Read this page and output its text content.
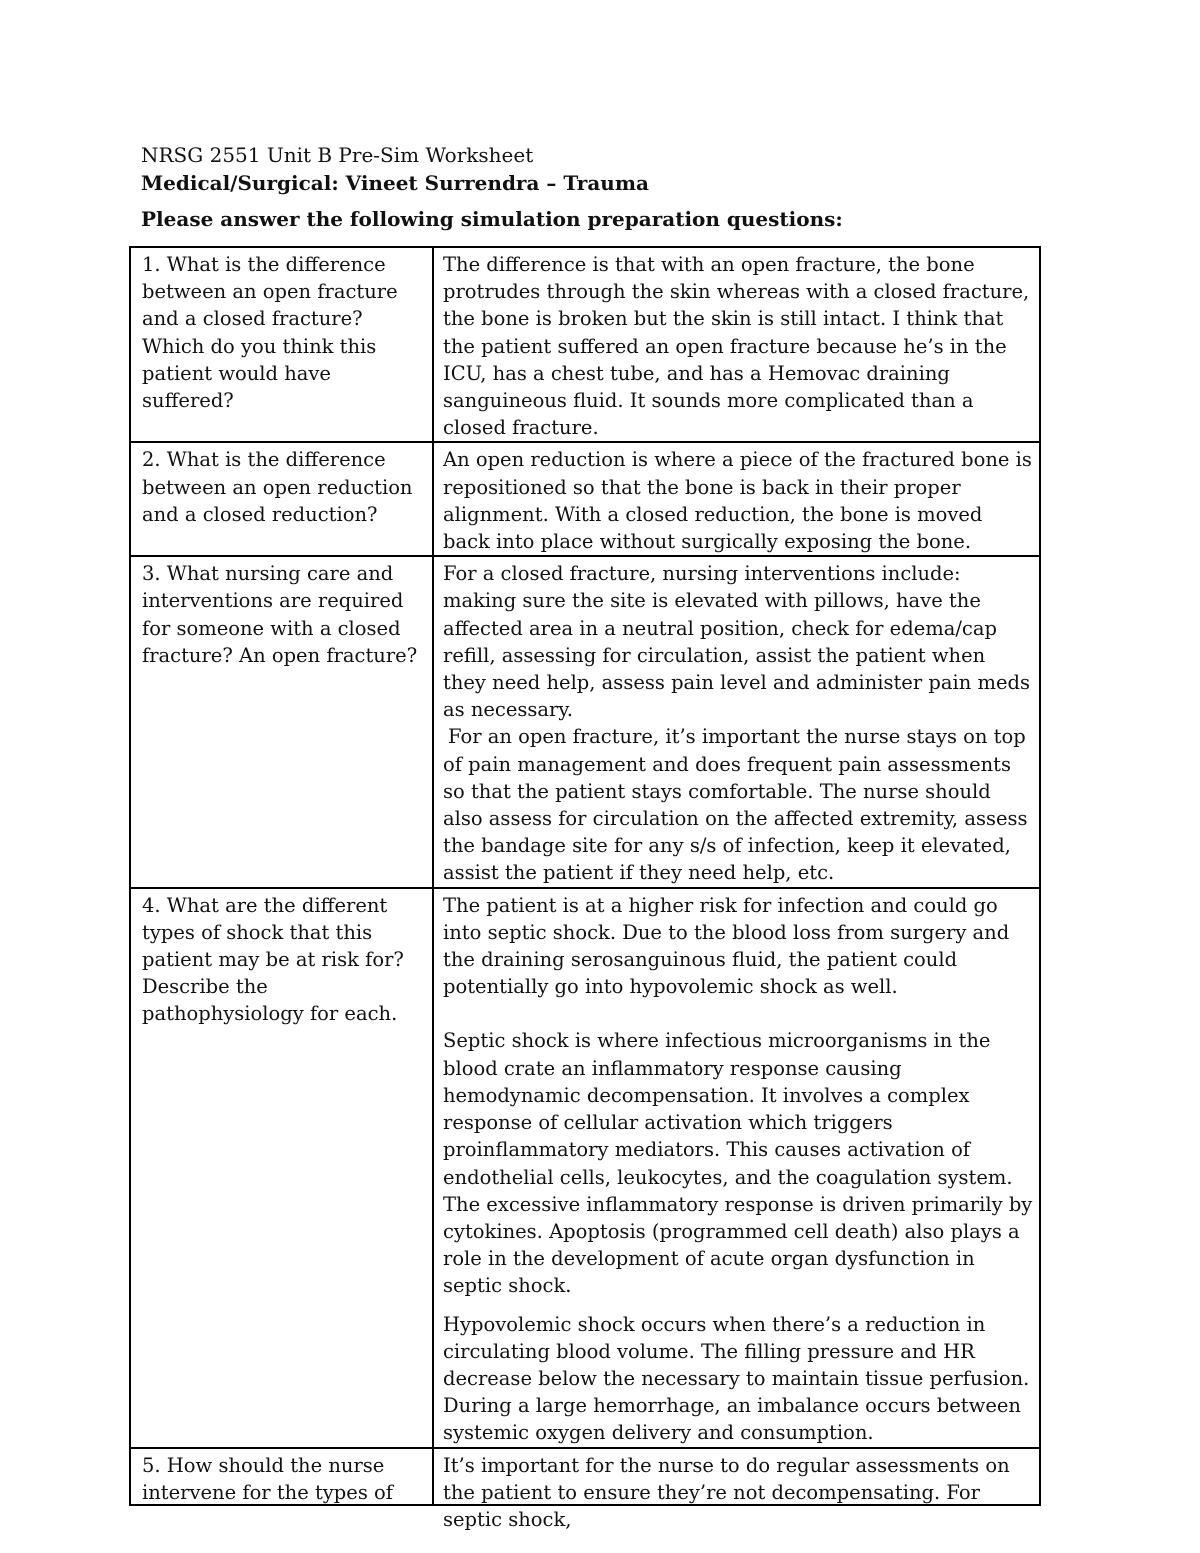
NRSG 2551 Unit B Pre-Sim Worksheet
Medical/Surgical: Vineet Surrendra – Trauma
Please answer the following simulation preparation questions:
1. What is the difference between an open fracture and a closed fracture? Which do you think this patient would have suffered?	The difference is that with an open fracture, the bone protrudes through the skin whereas with a closed fracture, the bone is broken but the skin is still intact. I think that the patient suffered an open fracture because he’s in the ICU, has a chest tube, and has a Hemovac draining sanguineous fluid. It sounds more complicated than a closed fracture.

2. What is the difference between an open reduction and a closed reduction?	An open reduction is where a piece of the fractured bone is repositioned so that the bone is back in their proper alignment. With a closed reduction, the bone is moved back into place without surgically exposing the bone.

3. What nursing care and interventions are required for someone with a closed fracture? An open fracture?	For a closed fracture, nursing interventions include: making sure the site is elevated with pillows, have the affected area in a neutral position, check for edema/cap refill, assessing for circulation, assist the patient when they need help, assess pain level and administer pain meds as necessary.

For an open fracture, it’s important the nurse stays on top of pain management and does frequent pain assessments so that the patient stays comfortable. The nurse should also assess for circulation on the affected extremity, assess the bandage site for any s/s of infection, keep it elevated, assist the patient if they need help, etc.

4. What are the different types of shock that this patient may be at risk for? Describe the pathophysiology for each.	The patient is at a higher risk for infection and could go into septic shock. Due to the blood loss from surgery and the draining serosanguinous fluid, the patient could potentially go into hypovolemic shock as well.

Septic shock is where infectious microorganisms in the blood crate an inflammatory response causing hemodynamic decompensation. It involves a complex response of cellular activation which triggers proinflammatory mediators. This causes activation of endothelial cells, leukocytes, and the coagulation system. The excessive inflammatory response is driven primarily by cytokines. Apoptosis (programmed cell death) also plays a role in the development of acute organ dysfunction in septic shock.

Hypovolemic shock occurs when there’s a reduction in circulating blood volume. The filling pressure and HR decrease below the necessary to maintain tissue perfusion. During a large hemorrhage, an imbalance occurs between systemic oxygen delivery and consumption.

5. How should the nurse intervene for the types of	It’s important for the nurse to do regular assessments on the patient to ensure they’re not decompensating. For septic shock,
